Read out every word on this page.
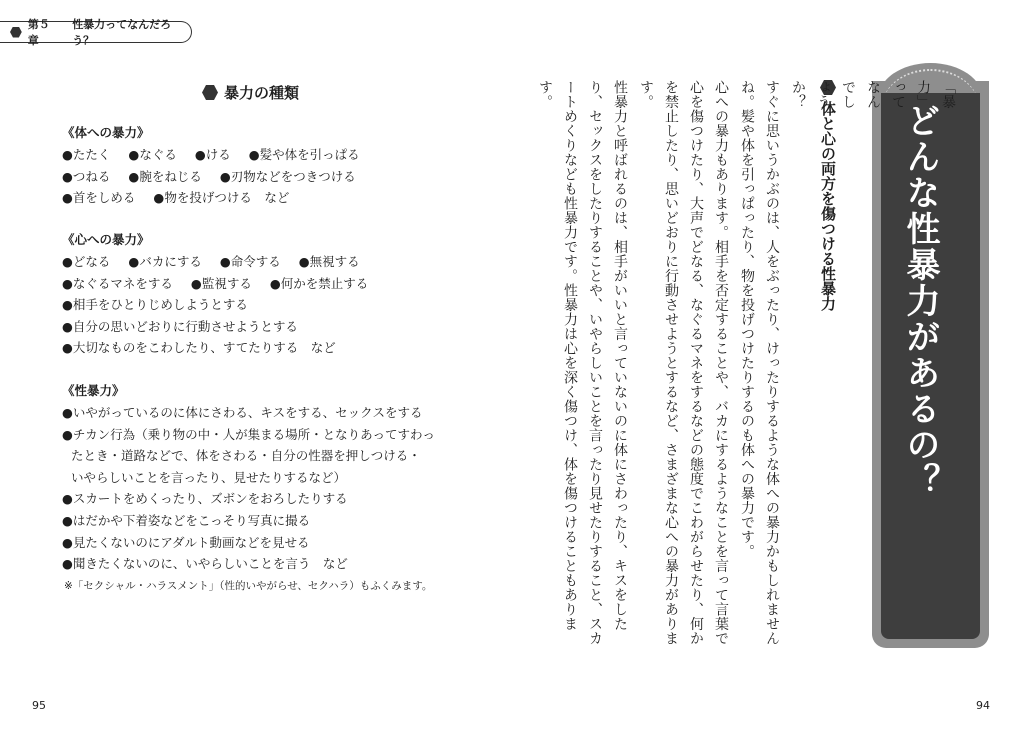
第５章
性暴力ってなんだろう？
暴力の種類
《体への暴力》
●たたく ●なぐる ●ける ●髪や体を引っぱる
●つねる ●腕をねじる ●刃物などをつきつける
●首をしめる ●物を投げつける　など
《心への暴力》
●どなる ●バカにする ●命令する ●無視する
●なぐるマネをする ●監視する ●何かを禁止する
●相手をひとりじめしようとする
●自分の思いどおりに行動させようとする
●大切なものをこわしたり、すてたりする　など
《性暴力》
●いやがっているのに体にさわる、キスをする、セックスをする
●チカン行為（乗り物の中・人が集まる場所・となりあってすわっ
たとき・道路などで、体をさわる・自分の性器を押しつける・
いやらしいことを言ったり、見せたりするなど）
●スカートをめくったり、ズボンをおろしたりする
●はだかや下着姿などをこっそり写真に撮る
●見たくないのにアダルト動画などを見せる
●聞きたくないのに、いやらしいことを言う　など
※「セクシャル・ハラスメント」（性的いやがらせ、セクハラ）もふくみます。
95
どんな性暴力があるの？
体と心の両方を傷つける性暴力
「暴力」ってなんでしょうか？
すぐに思いうかぶのは、人をぶったり、けったりするような体への暴力かもしれませんね。髪や体を引っぱったり、物を投げつけたりするのも体への暴力です。
心への暴力もあります。相手を否定することや、バカにするようなことを言って言葉で心を傷つけたり、大声でどなる、なぐるマネをするなどの態度でこわがらせたり、何かを禁止したり、思いどおりに行動させようとするなど、さまざまな心への暴力があります。
性暴力と呼ばれるのは、相手がいいと言っていないのに体にさわったり、キスをしたり、セックスをしたりすることや、いやらしいことを言ったり見せたりすること、スカートめくりなども性暴力です。性暴力は心を深く傷つけ、体を傷つけることもあります。
94
